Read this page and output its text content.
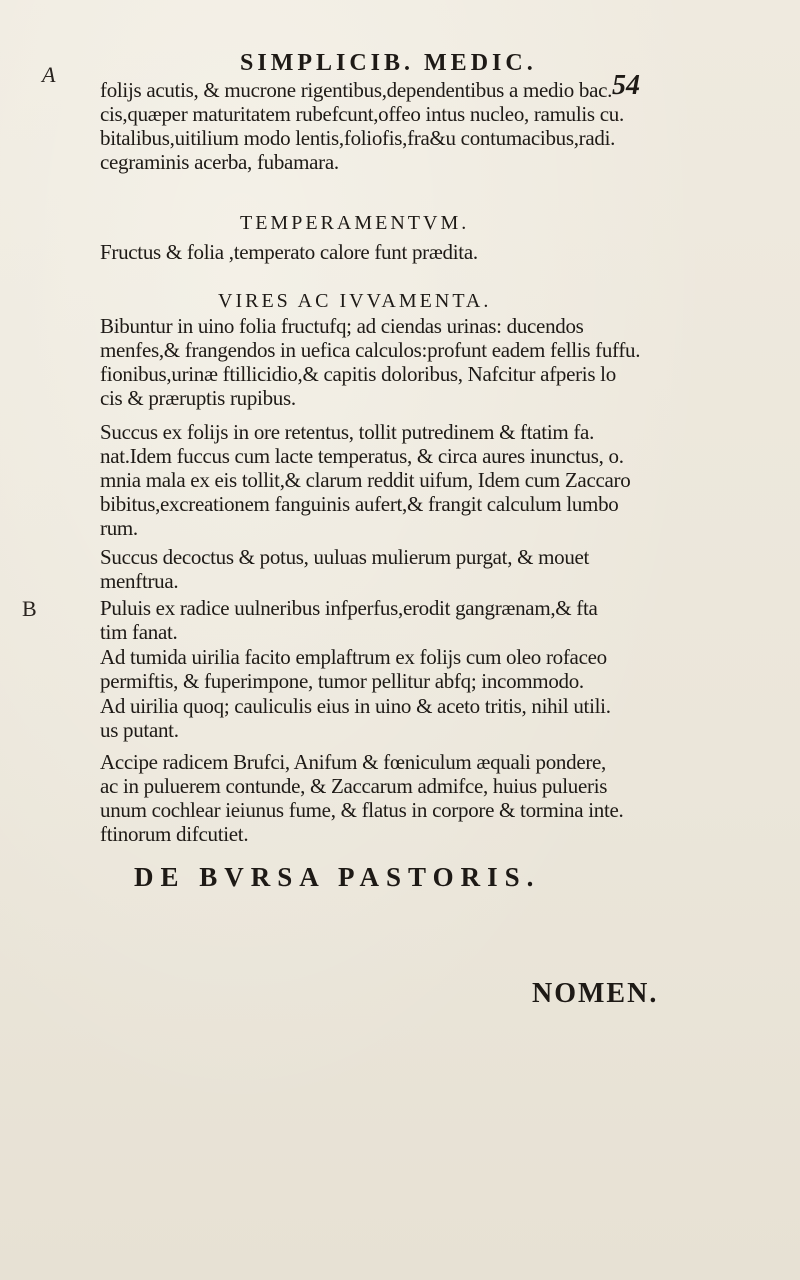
A
B
SIMPLICIB. MEDIC.
54
folijs acutis, & mucrone rigentibus,dependentibus a medio bac.
cis,quæper maturitatem rubefcunt,offeo intus nucleo, ramulis cu.
bitalibus,uitilium modo lentis,foliofis,fra&u contumacibus,radi.
cegraminis acerba, fubamara.
TEMPERAMENTVM.
Fructus & folia ,temperato calore funt prædita.
VIRES AC IVVAMENTA.
Bibuntur in uino folia fructufq; ad ciendas urinas: ducendos
menfes,& frangendos in uefica calculos:profunt eadem fellis fuffu.
fionibus,urinæ ftillicidio,& capitis doloribus, Nafcitur afperis lo
cis & præruptis rupibus.
Succus ex folijs in ore retentus, tollit putredinem & ftatim fa.
nat.Idem fuccus cum lacte temperatus, & circa aures inunctus, o.
mnia mala ex eis tollit,& clarum reddit uifum, Idem cum Zaccaro
bibitus,excreationem fanguinis aufert,& frangit calculum lumbo
rum.
Succus decoctus & potus, uuluas mulierum purgat, & mouet
menftrua.
Puluis ex radice uulneribus infperfus,erodit gangrænam,& fta
tim fanat.
Ad tumida uirilia facito emplaftrum ex folijs cum oleo rofaceo
permiftis, & fuperimpone, tumor pellitur abfq; incommodo.
Ad uirilia quoq; cauliculis eius in uino & aceto tritis, nihil utili.
us putant.
Accipe radicem Brufci, Anifum & fœniculum æquali pondere,
ac in puluerem contunde, & Zaccarum admifce, huius pulueris
unum cochlear ieiunus fume, & flatus in corpore & tormina inte.
ftinorum difcutiet.
DE BVRSA PASTORIS.
NOMEN.
